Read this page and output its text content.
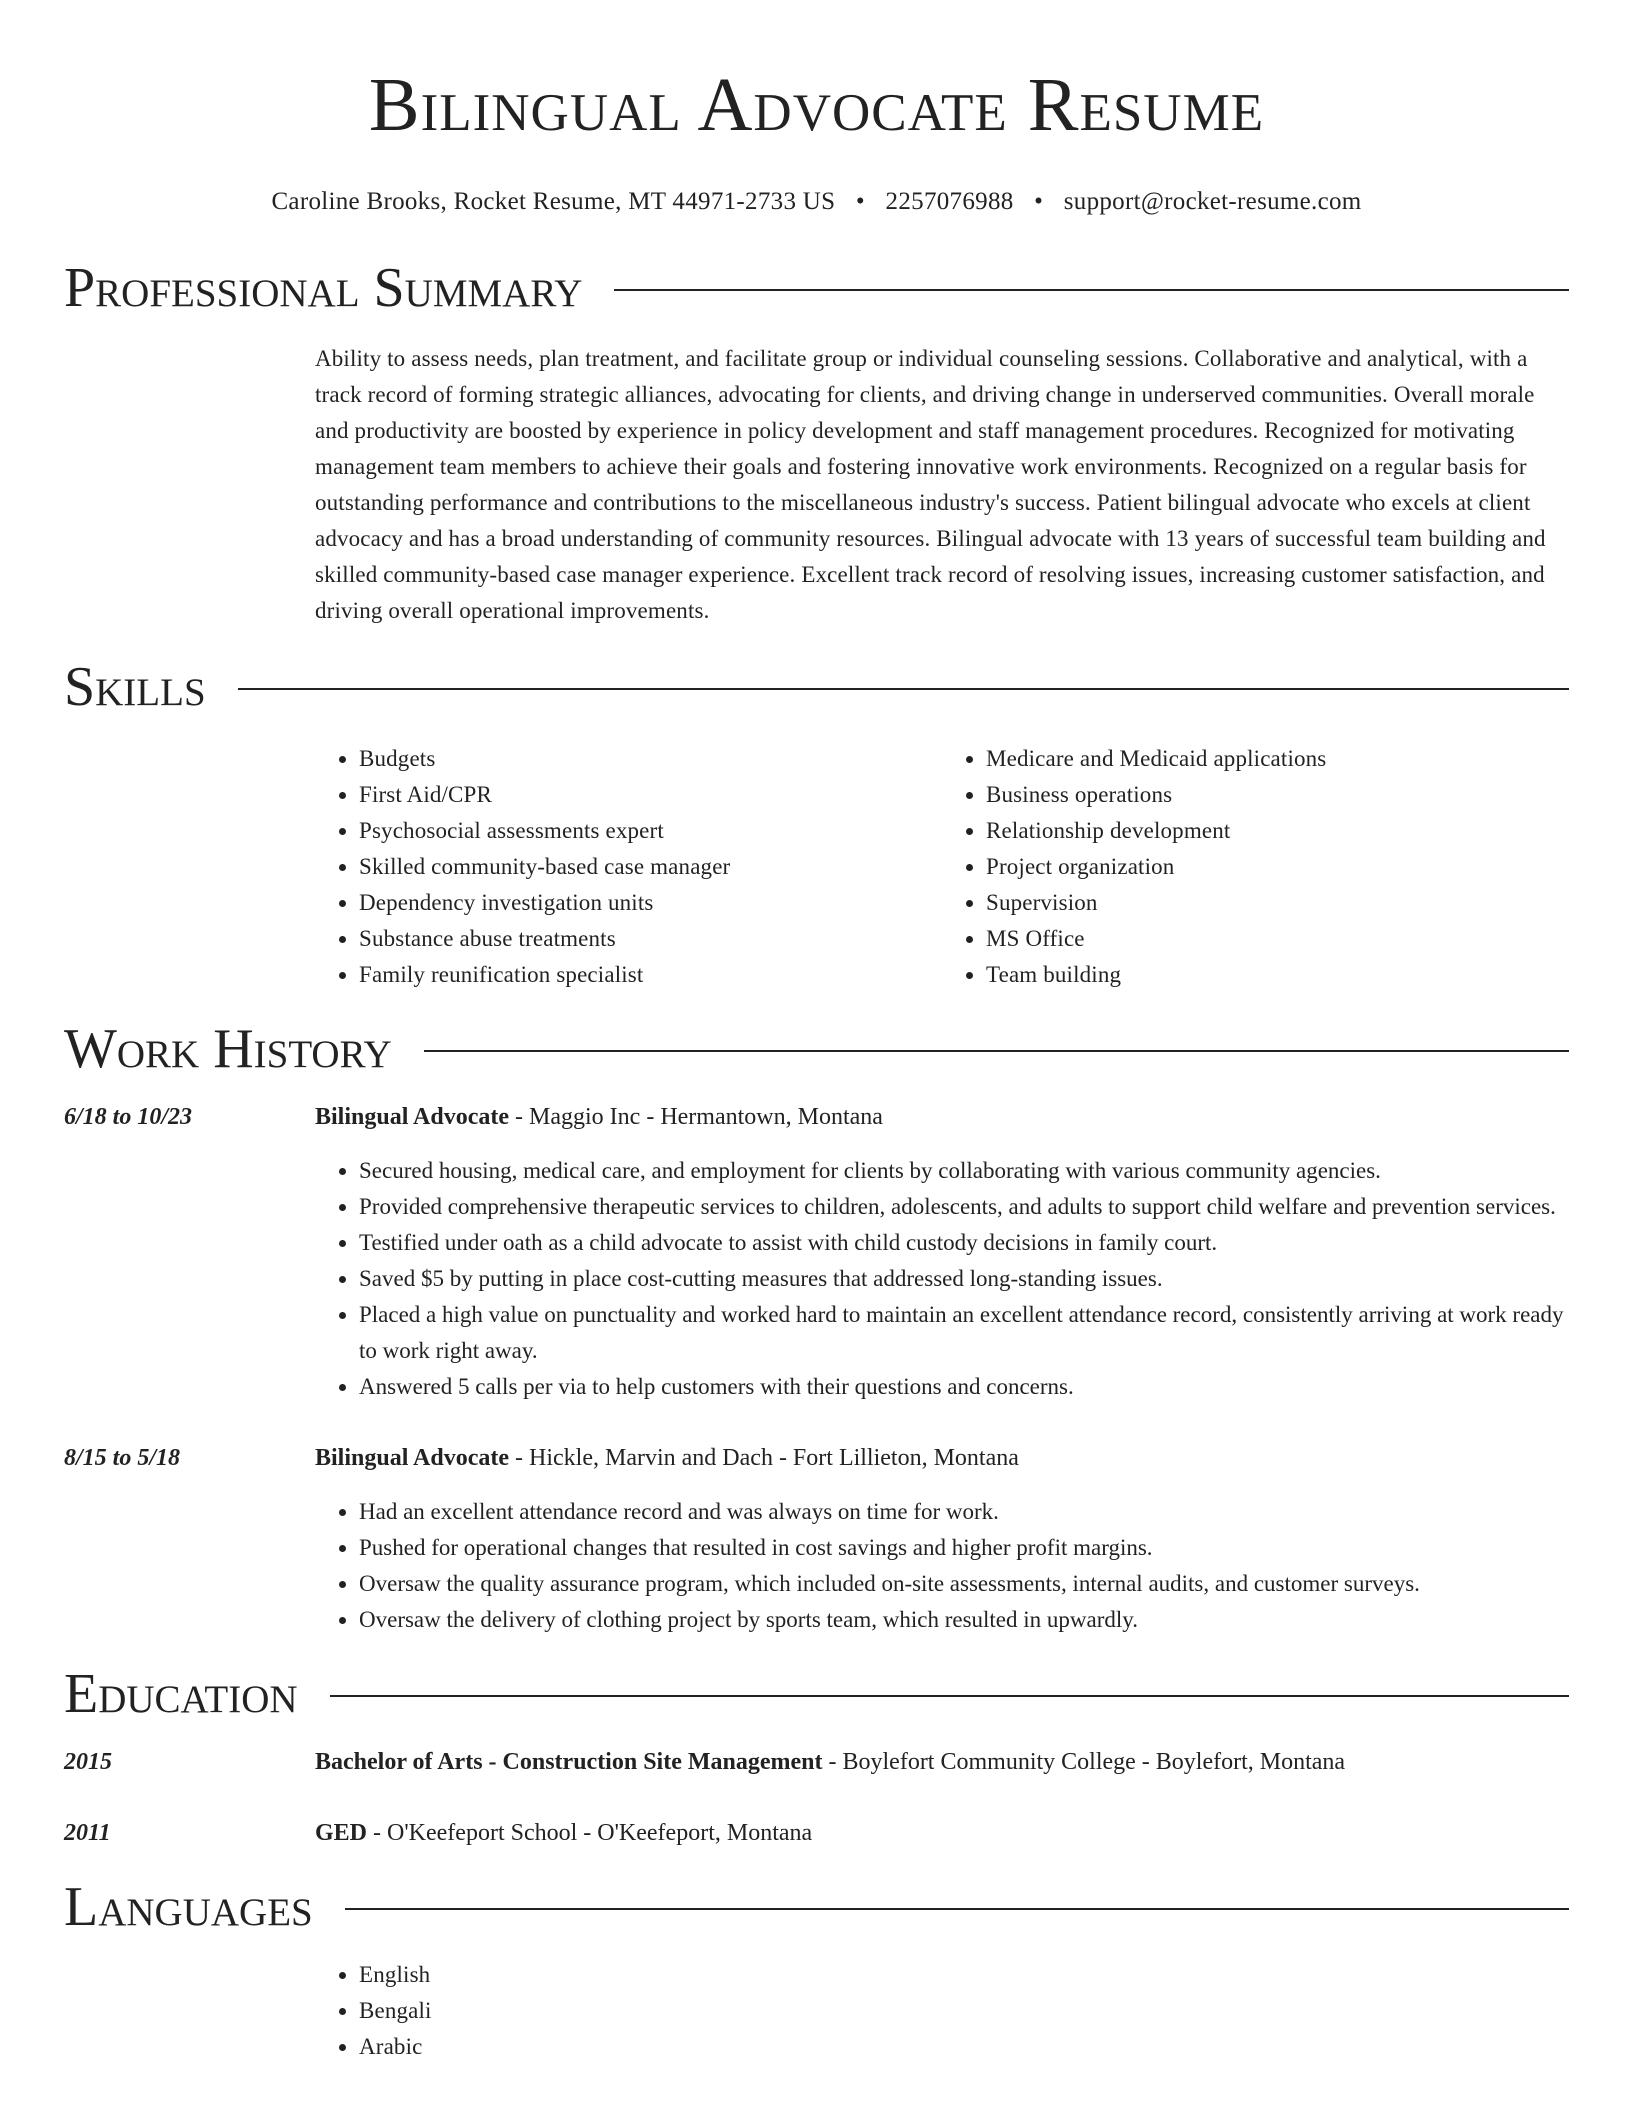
Bilingual Advocate Resume
Caroline Brooks, Rocket Resume, MT 44971-2733 US • 2257076988 • support@rocket-resume.com
Professional Summary

Ability to assess needs, plan treatment, and facilitate group or individual counseling sessions. Collaborative and analytical, with a track record of forming strategic alliances, advocating for clients, and driving change in underserved communities. Overall morale and productivity are boosted by experience in policy development and staff management procedures. Recognized for motivating management team members to achieve their goals and fostering innovative work environments. Recognized on a regular basis for outstanding performance and contributions to the miscellaneous industry's success. Patient bilingual advocate who excels at client advocacy and has a broad understanding of community resources. Bilingual advocate with 13 years of successful team building and skilled community-based case manager experience. Excellent track record of resolving issues, increasing customer satisfaction, and driving overall operational improvements.

Skills
• Budgets
• First Aid/CPR
• Psychosocial assessments expert
• Skilled community-based case manager
• Dependency investigation units
• Substance abuse treatments
• Family reunification specialist
• Medicare and Medicaid applications
• Business operations
• Relationship development
• Project organization
• Supervision
• MS Office
• Team building
Work History
6/18 to 10/23	Bilingual Advocate - Maggio Inc - Hermantown, Montana
• Secured housing, medical care, and employment for clients by collaborating with various community agencies.
• Provided comprehensive therapeutic services to children, adolescents, and adults to support child welfare and prevention services.
• Testified under oath as a child advocate to assist with child custody decisions in family court.
• Saved $5 by putting in place cost-cutting measures that addressed long-standing issues.
• Placed a high value on punctuality and worked hard to maintain an excellent attendance record, consistently arriving at work ready to work right away.
• Answered 5 calls per via to help customers with their questions and concerns.
8/15 to 5/18	Bilingual Advocate - Hickle, Marvin and Dach - Fort Lillieton, Montana
• Had an excellent attendance record and was always on time for work.
• Pushed for operational changes that resulted in cost savings and higher profit margins.
• Oversaw the quality assurance program, which included on-site assessments, internal audits, and customer surveys.
• Oversaw the delivery of clothing project by sports team, which resulted in upwardly.
Education
2015	Bachelor of Arts - Construction Site Management - Boylefort Community College - Boylefort, Montana
2011	GED - O'Keefeport School - O'Keefeport, Montana
Languages
• English
• Bengali
• Arabic
